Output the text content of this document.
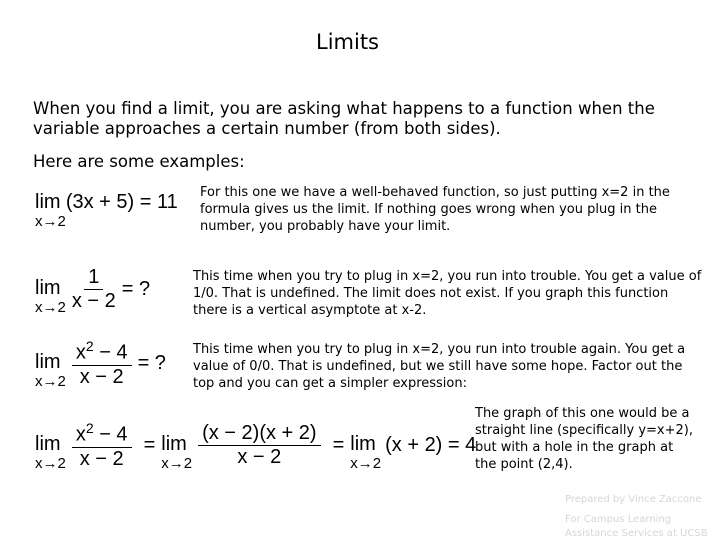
Limits
When you find a limit, you are asking what happens to a function when the variable approaches a certain number (from both sides).
Here are some examples:
lim
x→2
(3x + 5) = 11 For this one we have a well-behaved function, so just putting x=2 in the formula gives us the limit. If nothing goes wrong when you plug in the number, you probably have your limit.
lim
$x\to 2 \frac{1}{x - 2}$ = ?
This time when you try to plug in x=2, you run into trouble. You get a value of 1/0. That is undefined. The limit does not exist. If you graph this function there is a vertical asymptote at x-2.
lim
$x\to 2 \frac{x^2 - 4}{x - 2}$ = ?
This time when you try to plug in x=2, you run into trouble again. You get a value of 0/0. That is undefined, but we still have some hope. Factor out the top and you can get a simpler expression:
lim
$x\to 2 \frac{x^2 - 4}{x - 2} = \lim$
$x\to 2 \frac{(x - 2)(x + 2)}{x - 2} = \lim$
x→2
(x + 2) = 4
The graph of this one would be a straight line (specifically y=x+2), but with a hole in the graph at the point (2,4).
Prepared by Vince Zaccone
For Campus Learning Assistance Services at UCSB
